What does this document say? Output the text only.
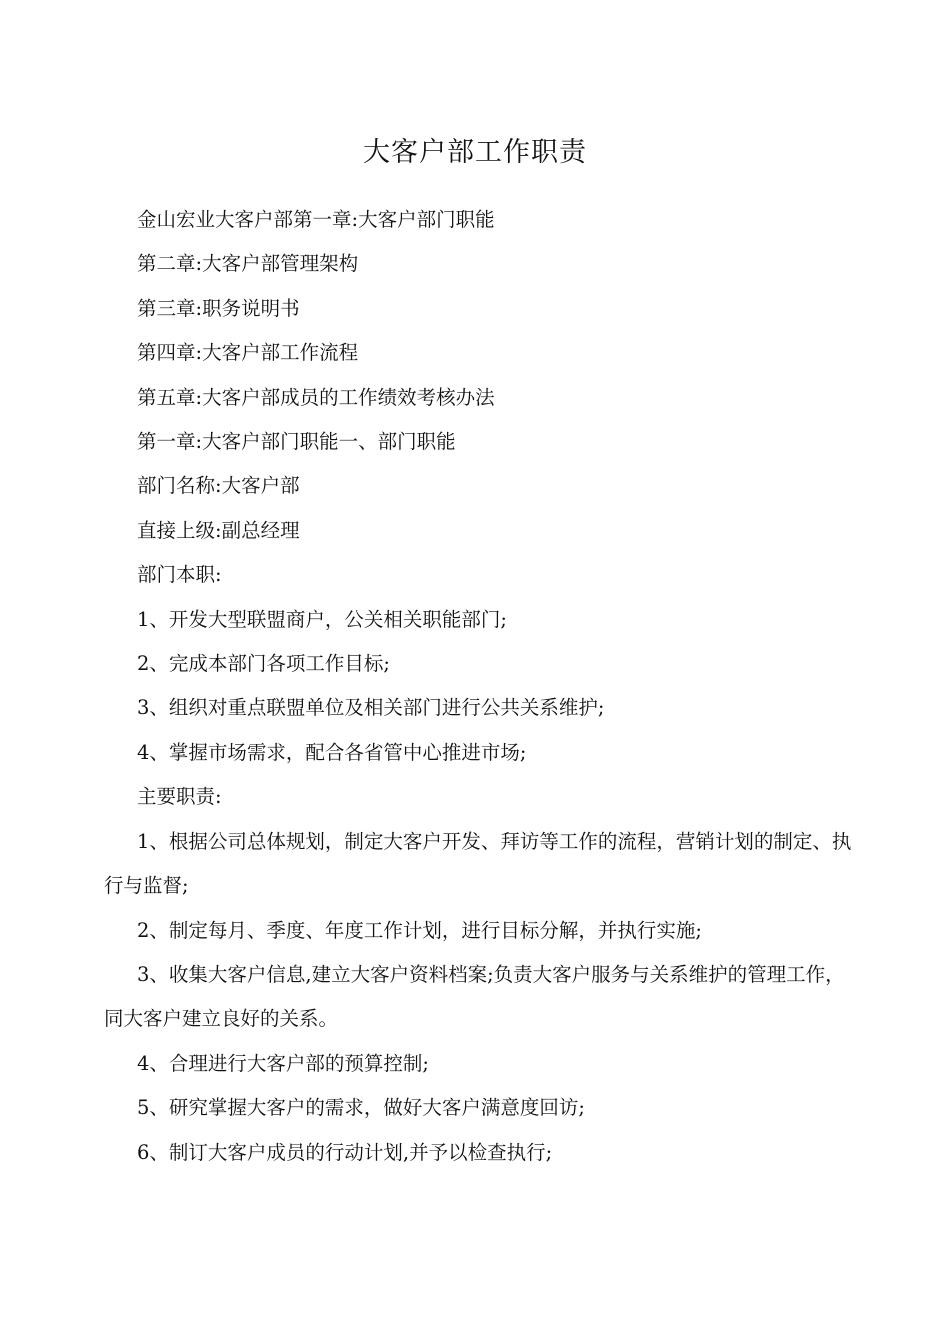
大客户部工作职责

金山宏业大客户部第一章:大客户部门职能

第二章:大客户部管理架构

第三章:职务说明书

第四章:大客户部工作流程

第五章:大客户部成员的工作绩效考核办法

第一章:大客户部门职能一、部门职能

部门名称:大客户部

直接上级:副总经理

部门本职:

1、开发大型联盟商户，公关相关职能部门;

2、完成本部门各项工作目标;

3、组织对重点联盟单位及相关部门进行公共关系维护;

4、掌握市场需求，配合各省管中心推进市场;

主要职责:

1、根据公司总体规划，制定大客户开发、拜访等工作的流程，营销计划的制定、执行与监督;

2、制定每月、季度、年度工作计划，进行目标分解，并执行实施;

3、收集大客户信息,建立大客户资料档案;负责大客户服务与关系维护的管理工作，同大客户建立良好的关系。

4、合理进行大客户部的预算控制;

5、研究掌握大客户的需求，做好大客户满意度回访;

6、制订大客户成员的行动计划,并予以检查执行;
